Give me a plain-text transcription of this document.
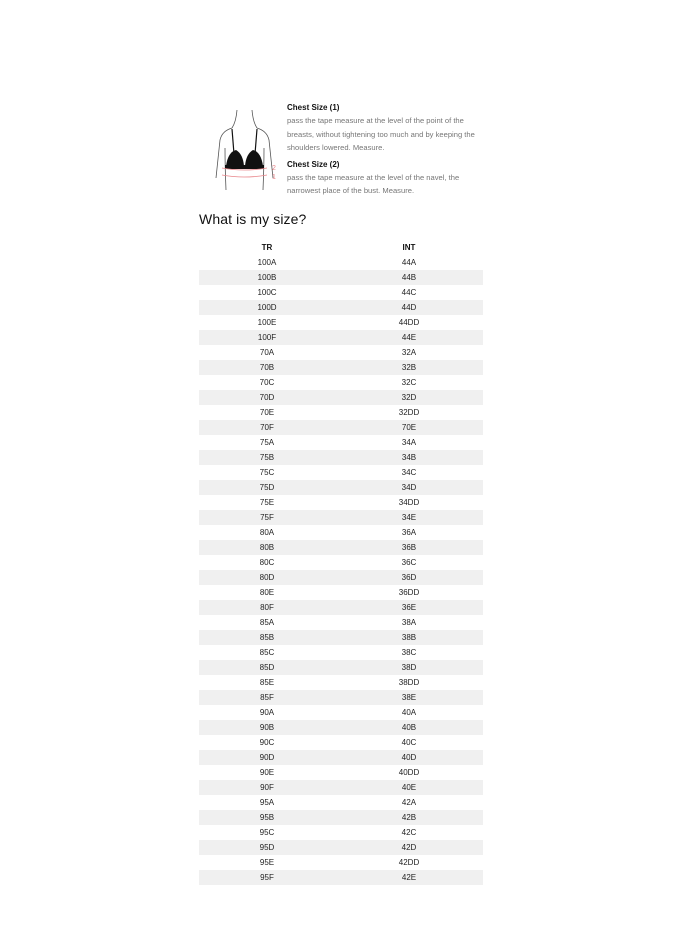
2
1

Chest Size (1)

pass the tape measure at the level of the point of the breasts, without tightening too much and by keeping the shoulders lowered. Measure.

Chest Size (2)

pass the tape measure at the level of the navel, the narrowest place of the bust. Measure.

What is my size?
TR	INT
100A	44A
100B	44B
100C	44C
100D	44D
100E	44DD
100F	44E
70A	32A
70B	32B
70C	32C
70D	32D
70E	32DD
70F	70E
75A	34A
75B	34B
75C	34C
75D	34D
75E	34DD
75F	34E
80A	36A
80B	36B
80C	36C
80D	36D
80E	36DD
80F	36E
85A	38A
85B	38B
85C	38C
85D	38D
85E	38DD
85F	38E
90A	40A
90B	40B
90C	40C
90D	40D
90E	40DD
90F	40E
95A	42A
95B	42B
95C	42C
95D	42D
95E	42DD
95F	42E
